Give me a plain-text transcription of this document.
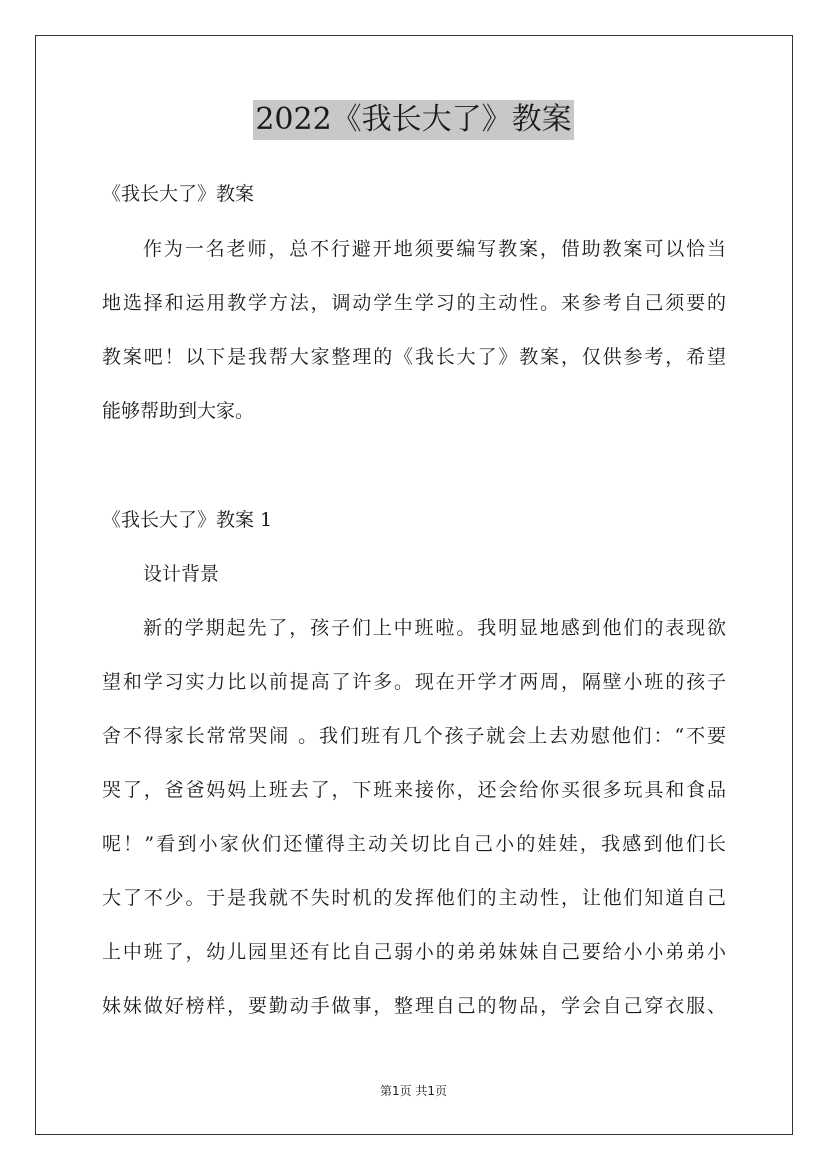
2022《我长大了》教案
《我长大了》教案
作为一名老师，总不行避开地须要编写教案，借助教案可以恰当
地选择和运用教学方法，调动学生学习的主动性。来参考自己须要的
教案吧！以下是我帮大家整理的《我长大了》教案，仅供参考，希望
能够帮助到大家。
《我长大了》教案 1
设计背景
新的学期起先了，孩子们上中班啦。我明显地感到他们的表现欲
望和学习实力比以前提高了许多。现在开学才两周，隔壁小班的孩子
舍不得家长常常哭闹 。我们班有几个孩子就会上去劝慰他们：“不要
哭了，爸爸妈妈上班去了，下班来接你，还会给你买很多玩具和食品
呢！”看到小家伙们还懂得主动关切比自己小的娃娃，我感到他们长
大了不少。于是我就不失时机的发挥他们的主动性，让他们知道自己
上中班了，幼儿园里还有比自己弱小的弟弟妹妹自己要给小小弟弟小
妹妹做好榜样，要勤动手做事，整理自己的物品，学会自己穿衣服、
第1页 共1页
